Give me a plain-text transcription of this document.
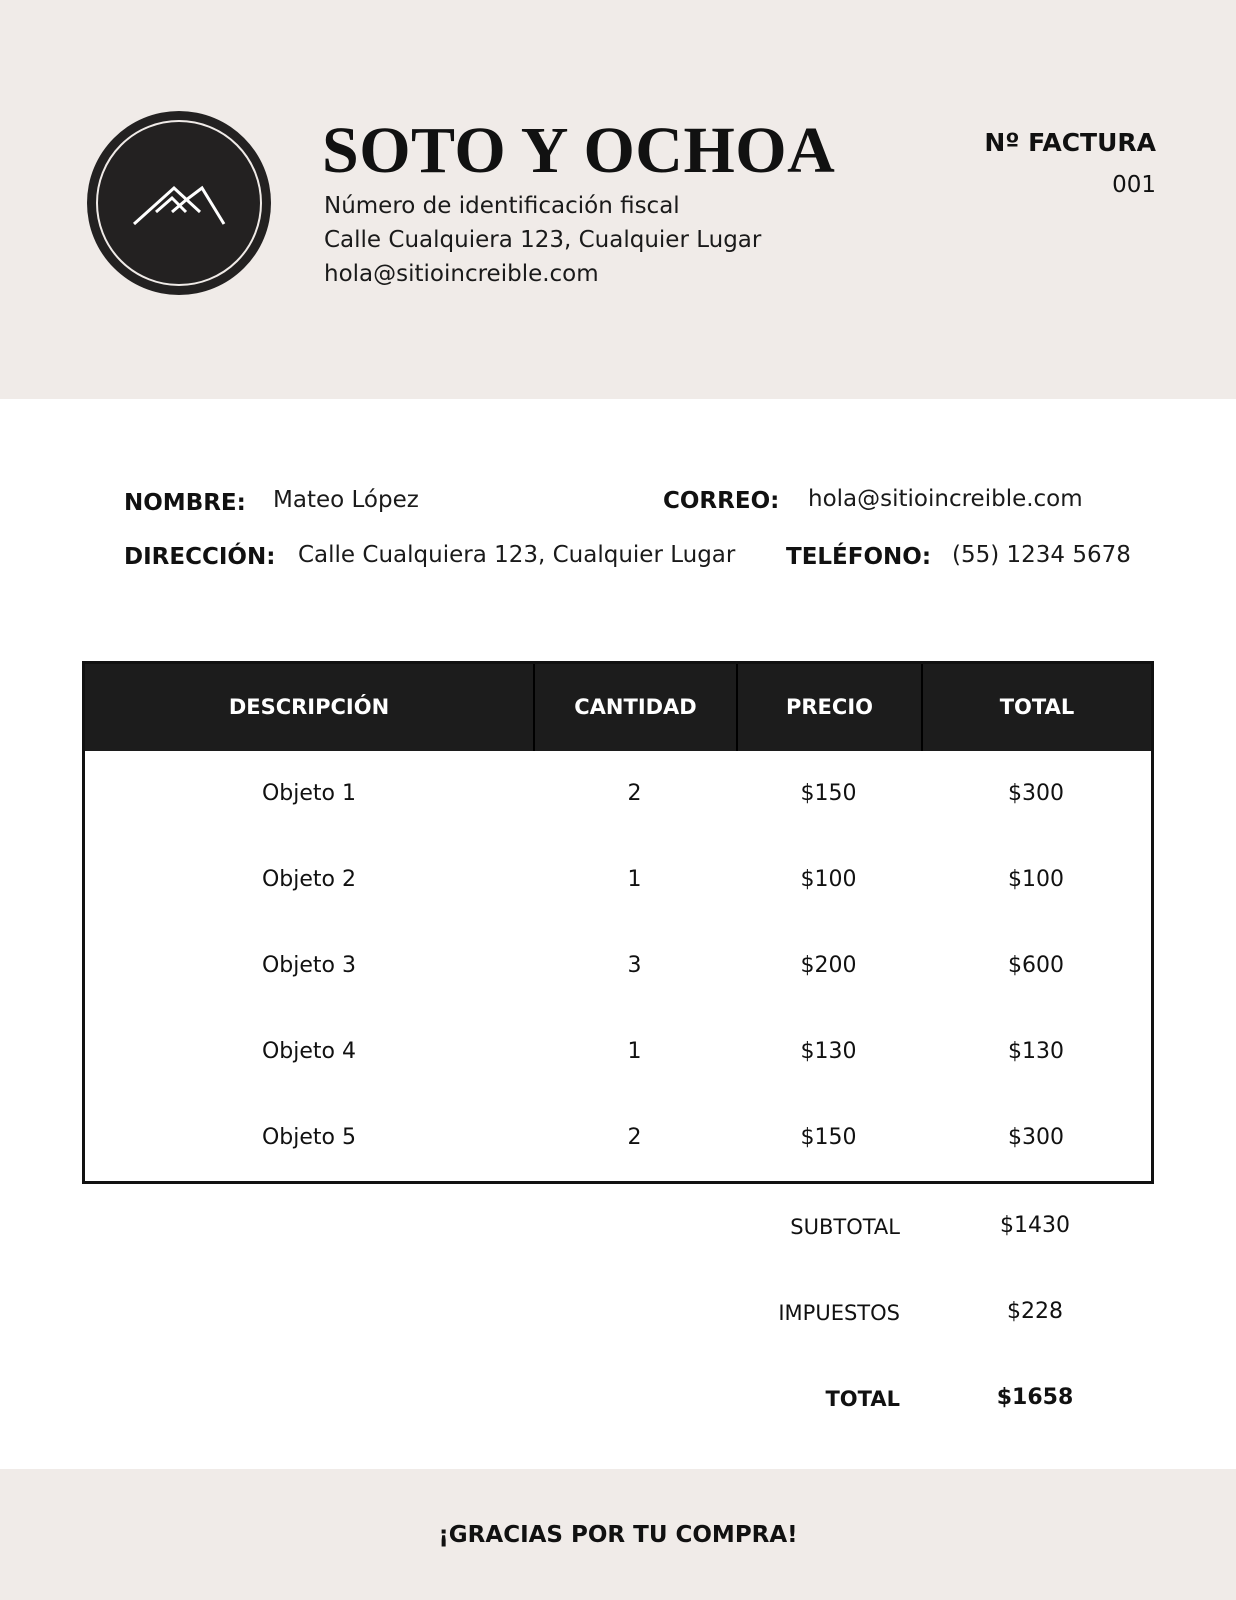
SOTO Y OCHOA
Número de identificación fiscal
Calle Cualquiera 123, Cualquier Lugar
hola@sitioincreible.com
Nº FACTURA
001
NOMBRE: Mateo López	CORREO: hola@sitioincreible.com
DIRECCIÓN: Calle Cualquiera 123, Cualquier Lugar TELÉFONO: (55) 1234 5678
DESCRIPCIÓN	CANTIDAD	PRECIO	TOTAL
Objeto 1	2	$150	$300
Objeto 2	1	$100	$100
Objeto 3	3	$200	$600
Objeto 4	1	$130	$130
Objeto 5	2	$150	$300
SUBTOTAL	$1430
IMPUESTOS	$228
TOTAL	$1658
¡GRACIAS POR TU COMPRA!
